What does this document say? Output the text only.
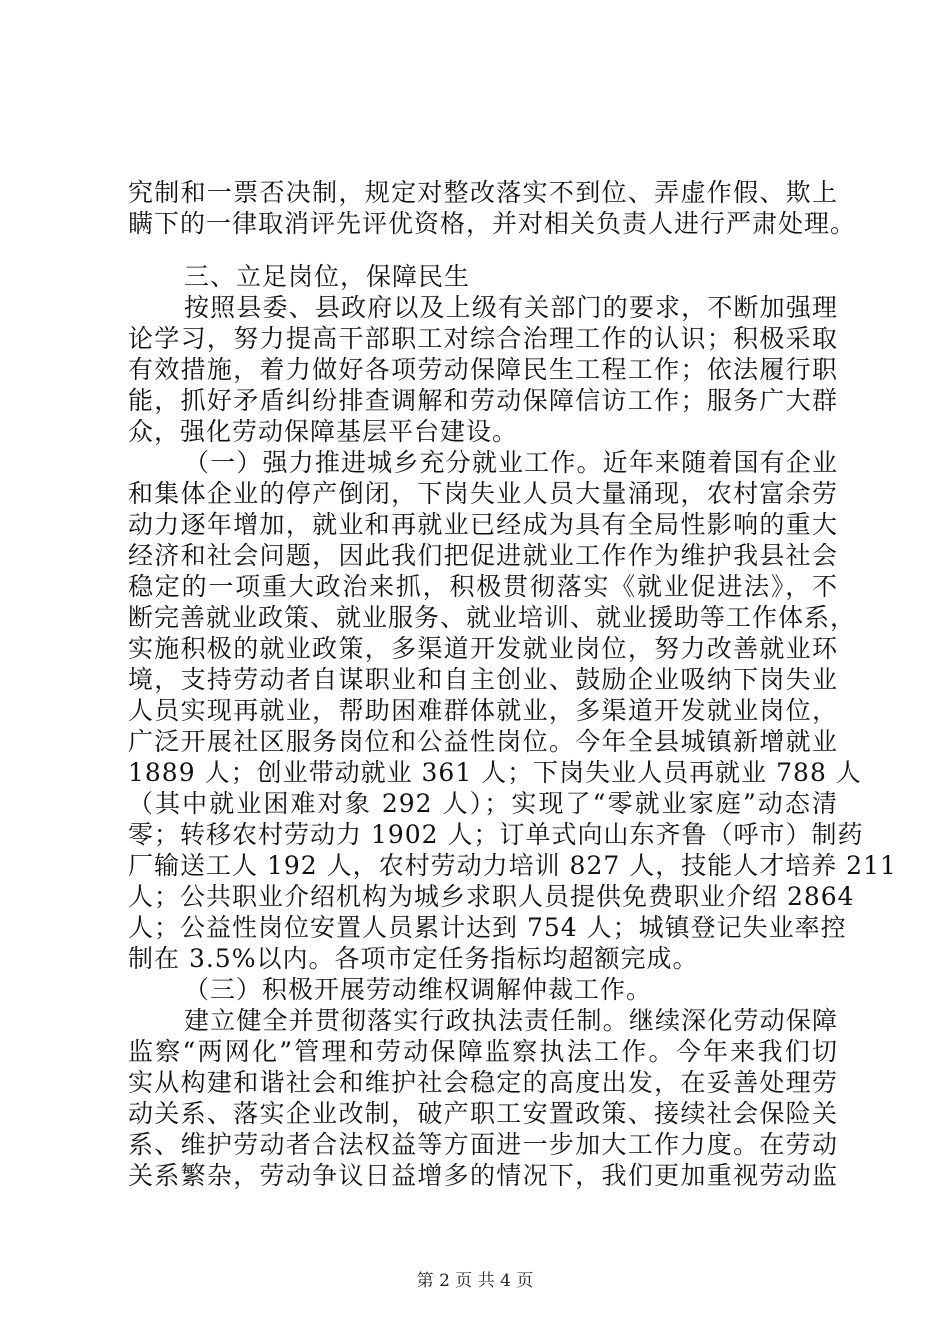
究制和一票否决制，规定对整改落实不到位、弄虚作假、欺上
瞒下的一律取消评先评优资格，并对相关负责人进行严肃处理。
三、立足岗位，保障民生
按照县委、县政府以及上级有关部门的要求，不断加强理
论学习，努力提高干部职工对综合治理工作的认识；积极采取
有效措施，着力做好各项劳动保障民生工程工作；依法履行职
能，抓好矛盾纠纷排查调解和劳动保障信访工作；服务广大群
众，强化劳动保障基层平台建设。
（一）强力推进城乡充分就业工作。近年来随着国有企业
和集体企业的停产倒闭，下岗失业人员大量涌现，农村富余劳
动力逐年增加，就业和再就业已经成为具有全局性影响的重大
经济和社会问题，因此我们把促进就业工作作为维护我县社会
稳定的一项重大政治来抓，积极贯彻落实《就业促进法》，不
断完善就业政策、就业服务、就业培训、就业援助等工作体系，
实施积极的就业政策，多渠道开发就业岗位，努力改善就业环
境，支持劳动者自谋职业和自主创业、鼓励企业吸纳下岗失业
人员实现再就业，帮助困难群体就业，多渠道开发就业岗位，
广泛开展社区服务岗位和公益性岗位。今年全县城镇新增就业
1889 人；创业带动就业 361 人；下岗失业人员再就业 788 人
（其中就业困难对象 292 人）；实现了“零就业家庭”动态清
零；转移农村劳动力 1902 人；订单式向山东齐鲁（呼市）制药
厂输送工人 192 人，农村劳动力培训 827 人，技能人才培养 211
人；公共职业介绍机构为城乡求职人员提供免费职业介绍 2864
人；公益性岗位安置人员累计达到 754 人；城镇登记失业率控
制在 3.5%以内。各项市定任务指标均超额完成。
（三）积极开展劳动维权调解仲裁工作。
建立健全并贯彻落实行政执法责任制。继续深化劳动保障
监察“两网化”管理和劳动保障监察执法工作。今年来我们切
实从构建和谐社会和维护社会稳定的高度出发，在妥善处理劳
动关系、落实企业改制，破产职工安置政策、接续社会保险关
系、维护劳动者合法权益等方面进一步加大工作力度。在劳动
关系繁杂，劳动争议日益增多的情况下，我们更加重视劳动监
第 2 页 共 4 页
